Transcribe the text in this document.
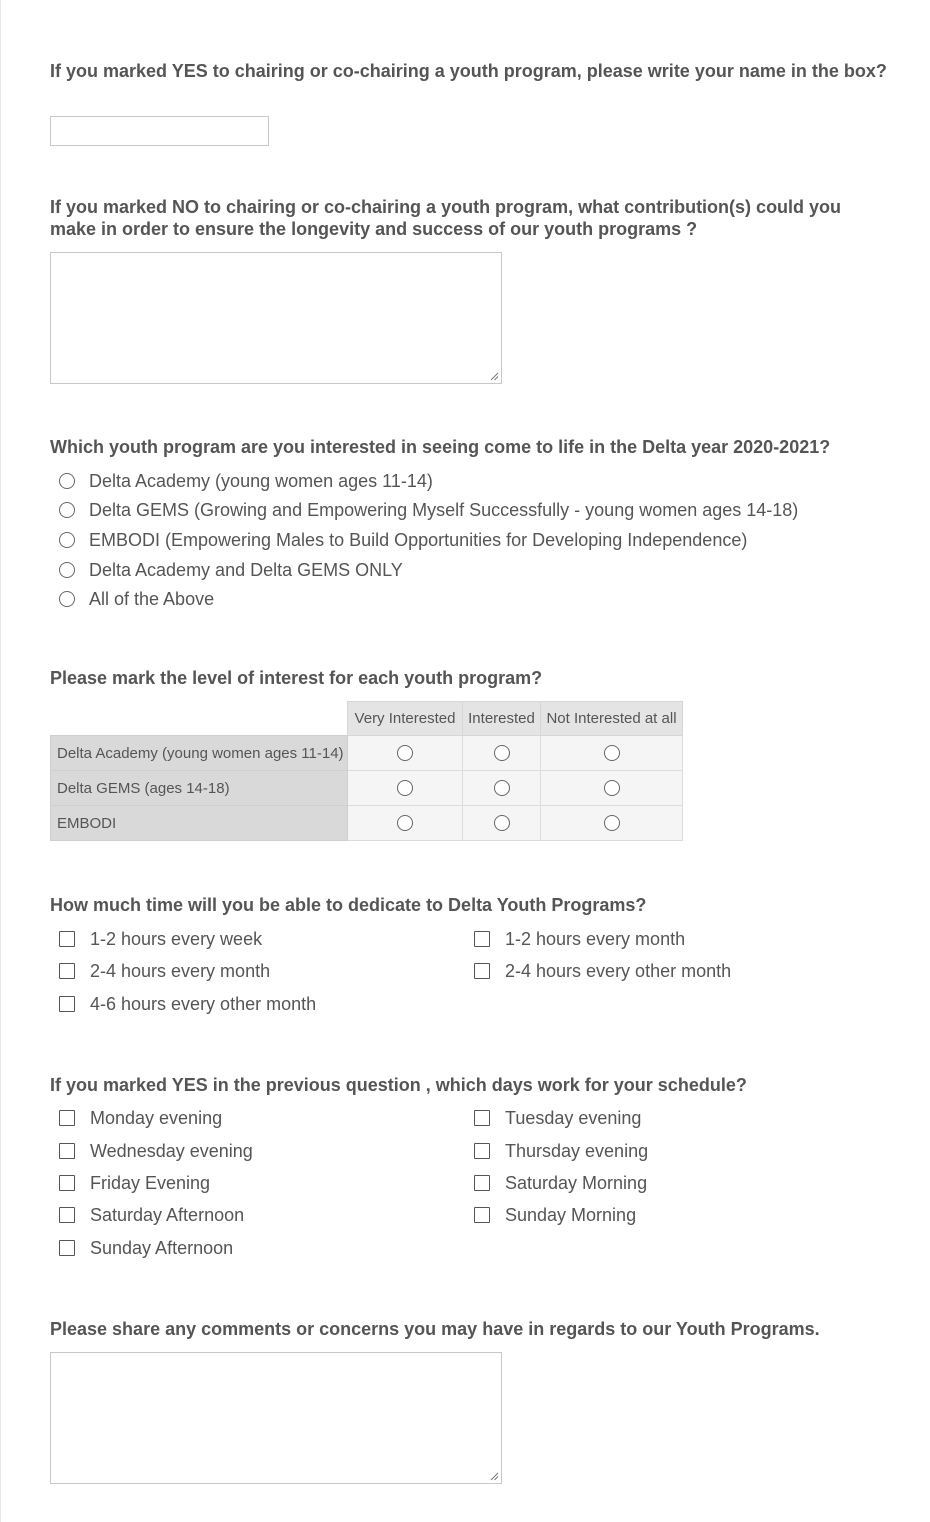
If you marked YES to chairing or co-chairing a youth program, please write your name in the box?

If you marked NO to chairing or co-chairing a youth program, what contribution(s) could you make in order to ensure the longevity and success of our youth programs ?

Which youth program are you interested in seeing come to life in the Delta year 2020-2021?

Delta Academy (young women ages 11-14)
Delta GEMS (Growing and Empowering Myself Successfully - young women ages 14-18)
EMBODI (Empowering Males to Build Opportunities for Developing Independence)
Delta Academy and Delta GEMS ONLY
All of the Above

Please mark the level of interest for each youth program?

	Very Interested	Interested	Not Interested at all
Delta Academy (young women ages 11-14)	

Delta GEMS (ages 14-18)	

EMBODI	

How much time will you be able to dedicate to Delta Youth Programs?

1-2 hours every week	1-2 hours every month
2-4 hours every month	2-4 hours every other month
4-6 hours every other month

If you marked YES in the previous question , which days work for your schedule?

Monday evening	Tuesday evening
Wednesday evening	Thursday evening
Friday Evening	Saturday Morning
Saturday Afternoon	Sunday Morning
Sunday Afternoon

Please share any comments or concerns you may have in regards to our Youth Programs.
